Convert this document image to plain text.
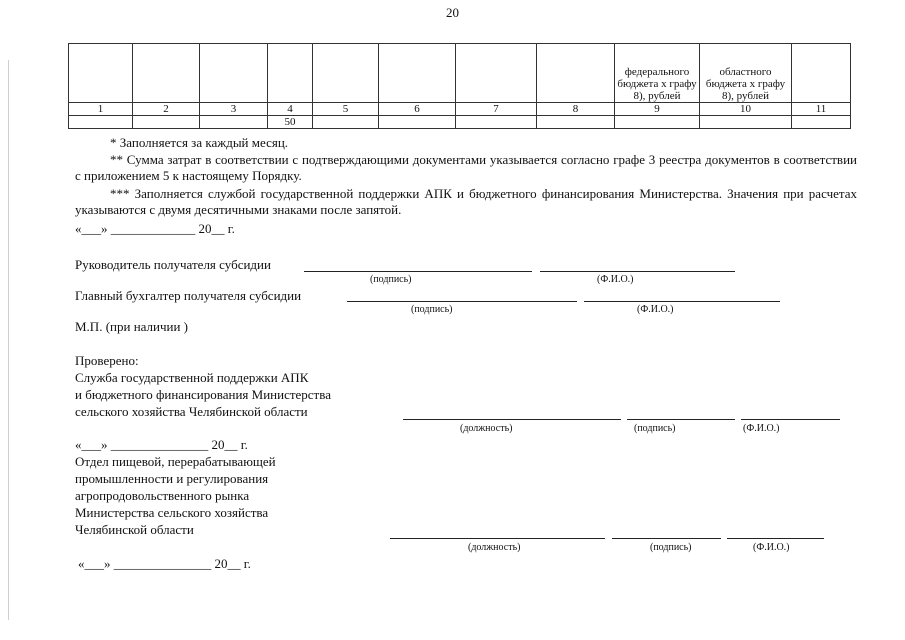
20
								федерального бюджета x графу 8), рублей	областного бюджета x графу 8), рублей	
1	2	3	4	5	6	7	8	9	10	11
			50							
* Заполняется за каждый месяц.
** Сумма затрат в соответствии с подтверждающими документами указывается согласно графе 3 реестра документов в соответствии с приложением 5 к настоящему Порядку.
*** Заполняется службой государственной поддержки АПК и бюджетного финансирования Министерства. Значения при расчетах указываются с двумя десятичными знаками после запятой.
«___» _____________ 20__ г.
Руководитель получателя субсидии
(подпись)	(Ф.И.О.)
Главный бухгалтер получателя субсидии
(подпись)	(Ф.И.О.)
М.П. (при наличии )
Проверено:
Служба государственной поддержки АПК
и бюджетного финансирования Министерства
сельского хозяйства Челябинской области
(должность)	(подпись)	(Ф.И.О.)
«___» _______________ 20__ г.
Отдел пищевой, перерабатывающей
промышленности и регулирования
агропродовольственного рынка
Министерства сельского хозяйства
Челябинской области
(должность)	(подпись)	(Ф.И.О.)
«___» _______________ 20__ г.
